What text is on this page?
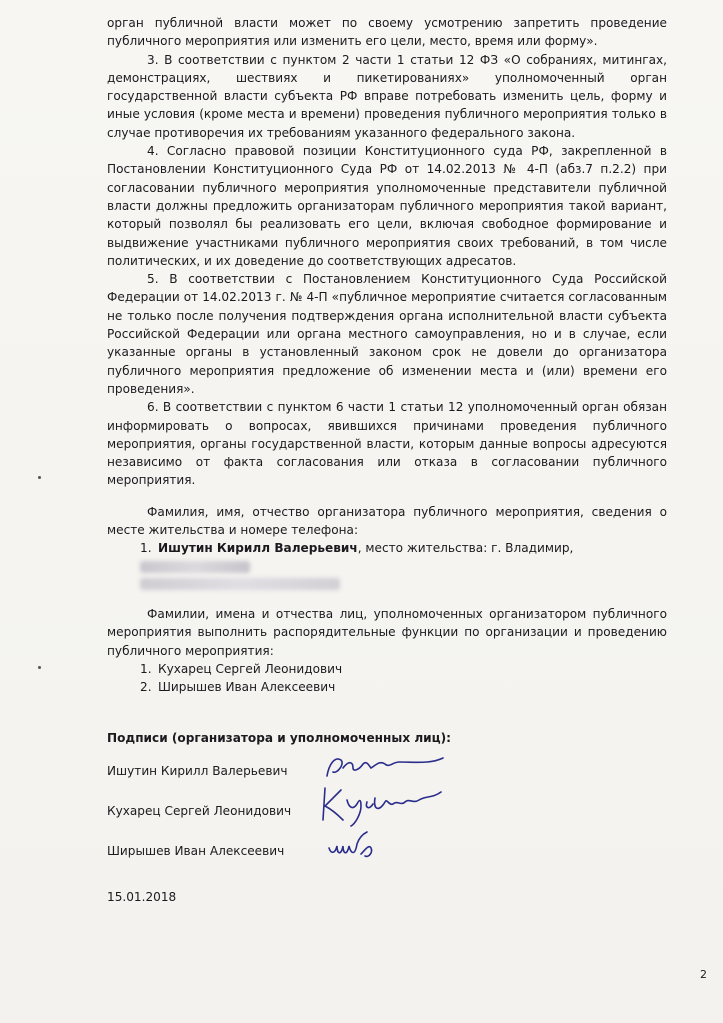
орган публичной власти может по своему усмотрению запретить проведение публичного мероприятия или изменить его цели, место, время или форму».

3. В соответствии с пунктом 2 части 1 статьи 12 ФЗ «О собраниях, митингах, демонстрациях, шествиях и пикетированиях» уполномоченный орган государственной власти субъекта РФ вправе потребовать изменить цель, форму и иные условия (кроме места и времени) проведения публичного мероприятия только в случае противоречия их требованиям указанного федерального закона.

4. Согласно правовой позиции Конституционного суда РФ, закрепленной в Постановлении Конституционного Суда РФ от 14.02.2013 № 4-П (абз.7 п.2.2) при согласовании публичного мероприятия уполномоченные представители публичной власти должны предложить организаторам публичного мероприятия такой вариант, который позволял бы реализовать его цели, включая свободное формирование и выдвижение участниками публичного мероприятия своих требований, в том числе политических, и их доведение до соответствующих адресатов.

5. В соответствии с Постановлением Конституционного Суда Российской Федерации от 14.02.2013 г. № 4-П «публичное мероприятие считается согласованным не только после получения подтверждения органа исполнительной власти субъекта Российской Федерации или органа местного самоуправления, но и в случае, если указанные органы в установленный законом срок не довели до организатора публичного мероприятия предложение об изменении места и (или) времени его проведения».

6. В соответствии с пунктом 6 части 1 статьи 12 уполномоченный орган обязан информировать о вопросах, явившихся причинами проведения публичного мероприятия, органы государственной власти, которым данные вопросы адресуются независимо от факта согласования или отказа в согласовании публичного мероприятия.

Фамилия, имя, отчество организатора публичного мероприятия, сведения о месте жительства и номере телефона:

1. Ишутин Кирилл Валерьевич, место жительства: г. Владимир,

Фамилии, имена и отчества лиц, уполномоченных организатором публичного мероприятия выполнить распорядительные функции по организации и проведению публичного мероприятия:

1. Кухарец Сергей Леонидович
2. Ширышев Иван Алексеевич

Подписи (организатора и уполномоченных лиц):

Ишутин Кирилл Валерьевич
Кухарец Сергей Леонидович
Ширышев Иван Алексеевич

15.01.2018

2
